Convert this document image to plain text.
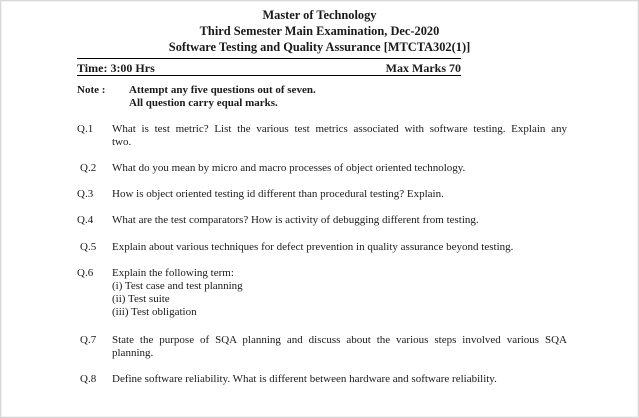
Master of Technology
Third Semester Main Examination, Dec-2020
Software Testing and Quality Assurance [MTCTA302(1)]
Time: 3:00 Hrs	Max Marks 70
Note : Attempt any five questions out of seven.
All question carry equal marks.
Q.1	What is test metric? List the various test metrics associated with software testing. Explain any
two.
Q.2	What do you mean by micro and macro processes of object oriented technology.
Q.3	How is object oriented testing id different than procedural testing? Explain.
Q.4	What are the test comparators? How is activity of debugging different from testing.
Q.5	Explain about various techniques for defect prevention in quality assurance beyond testing.
Q.6	Explain the following term:
(i) Test case and test planning
(ii) Test suite
(iii) Test obligation
Q.7	State the purpose of SQA planning and discuss about the various steps involved various SQA
planning.
Q.8	Define software reliability. What is different between hardware and software reliability.
